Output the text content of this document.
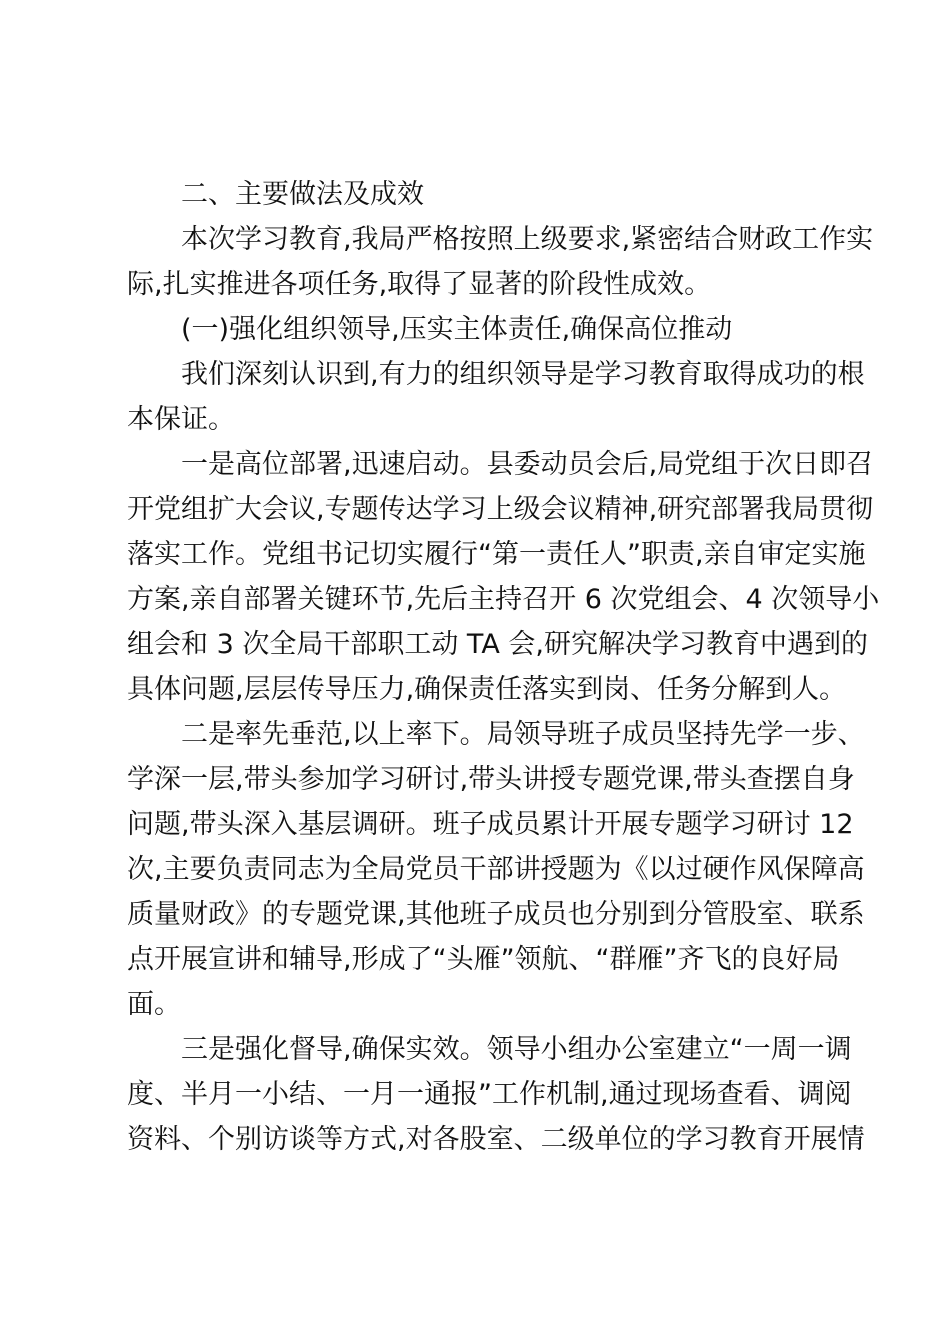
二、主要做法及成效
本次学习教育,我局严格按照上级要求,紧密结合财政工作实
际,扎实推进各项任务,取得了显著的阶段性成效。
(一)强化组织领导,压实主体责任,确保高位推动
我们深刻认识到,有力的组织领导是学习教育取得成功的根
本保证。
一是高位部署,迅速启动。县委动员会后,局党组于次日即召
开党组扩大会议,专题传达学习上级会议精神,研究部署我局贯彻
落实工作。党组书记切实履行“第一责任人”职责,亲自审定实施
方案,亲自部署关键环节,先后主持召开 6 次党组会、4 次领导小
组会和 3 次全局干部职工动 TA 会,研究解决学习教育中遇到的
具体问题,层层传导压力,确保责任落实到岗、任务分解到人。
二是率先垂范,以上率下。局领导班子成员坚持先学一步、
学深一层,带头参加学习研讨,带头讲授专题党课,带头查摆自身
问题,带头深入基层调研。班子成员累计开展专题学习研讨 12
次,主要负责同志为全局党员干部讲授题为《以过硬作风保障高
质量财政》的专题党课,其他班子成员也分别到分管股室、联系
点开展宣讲和辅导,形成了“头雁”领航、“群雁”齐飞的良好局
面。
三是强化督导,确保实效。领导小组办公室建立“一周一调
度、半月一小结、一月一通报”工作机制,通过现场查看、调阅
资料、个别访谈等方式,对各股室、二级单位的学习教育开展情
